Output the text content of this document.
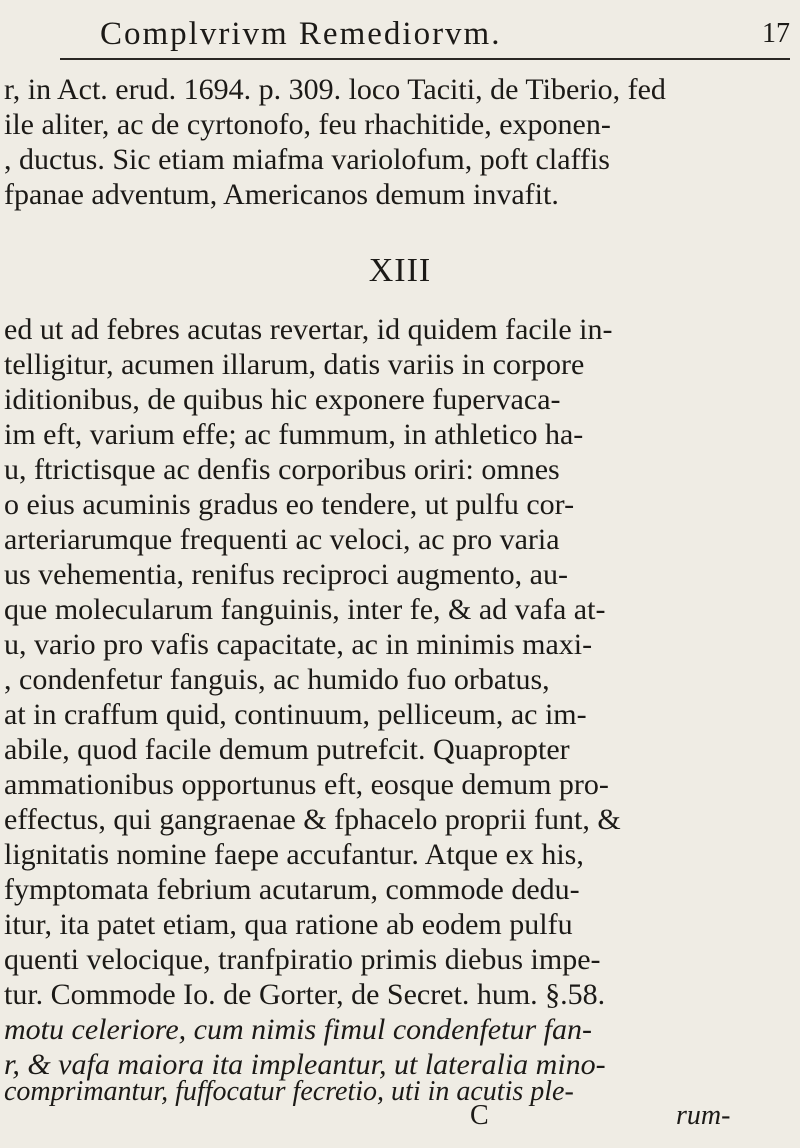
Complvrivm Remediorvm.	17
r, in Act. erud. 1694. p. 309. loco Taciti, de Tiberio, fed
ile aliter, ac de cyrtonofo, feu rhachitide, exponen-
, ductus. Sic etiam miafma variolofum, poft claffis
fpanae adventum, Americanos demum invafit.
XIII
ed ut ad febres acutas revertar, id quidem facile in-
telligitur, acumen illarum, datis variis in corpore
iditionibus, de quibus hic exponere fupervaca-
im eft, varium effe; ac fummum, in athletico ha-
u, ftrictisque ac denfis corporibus oriri: omnes
o eius acuminis gradus eo tendere, ut pulfu cor-
arteriarumque frequenti ac veloci, ac pro varia
us vehementia, renifus reciproci augmento, au-
que molecularum fanguinis, inter fe, & ad vafa at-
u, vario pro vafis capacitate, ac in minimis maxi-
, condenfetur fanguis, ac humido fuo orbatus,
at in craffum quid, continuum, pelliceum, ac im-
abile, quod facile demum putrefcit. Quapropter
ammationibus opportunus eft, eosque demum pro-
effectus, qui gangraenae & fphacelo proprii funt, &
lignitatis nomine faepe accufantur. Atque ex his,
fymptomata febrium acutarum, commode dedu-
itur, ita patet etiam, qua ratione ab eodem pulfu
quenti velocique, tranfpiratio primis diebus impe-
tur. Commode Io. de Gorter, de Secret. hum. §.58.
motu celeriore, cum nimis fimul condenfetur fan-
r, & vafa maiora ita impleantur, ut lateralia mino-
comprimantur, fuffocatur fecretio, uti in acutis ple-
C	rum-
